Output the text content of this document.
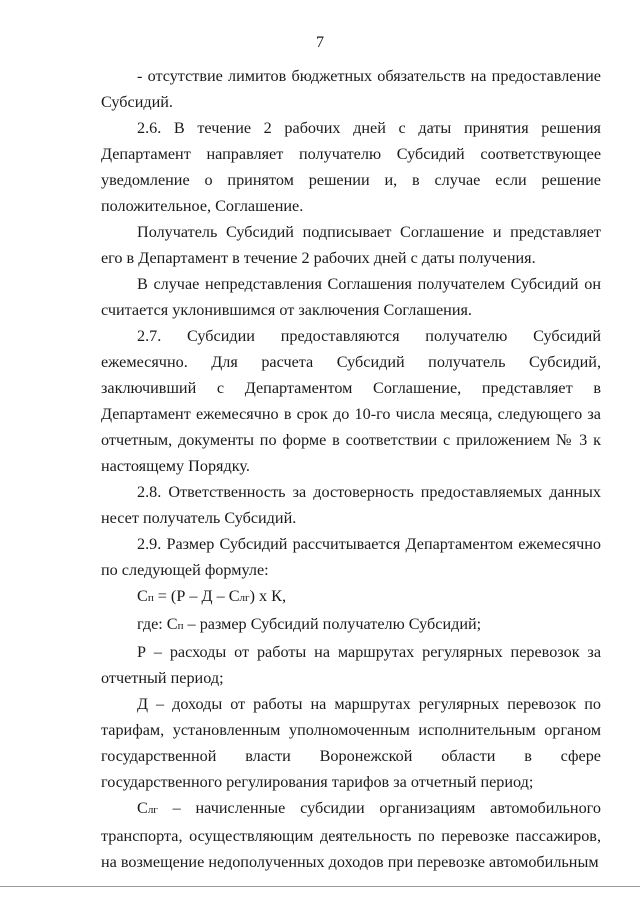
7

- отсутствие лимитов бюджетных обязательств на предоставление Субсидий.

2.6. В течение 2 рабочих дней с даты принятия решения Департамент направляет получателю Субсидий соответствующее уведомление о принятом решении и, в случае если решение положительное, Соглашение.

Получатель Субсидий подписывает Соглашение и представляет его в Департамент в течение 2 рабочих дней с даты получения.

В случае непредставления Соглашения получателем Субсидий он считается уклонившимся от заключения Соглашения.

2.7. Субсидии предоставляются получателю Субсидий ежемесячно. Для расчета Субсидий получатель Субсидий, заключивший с Департаментом Соглашение, представляет в Департамент ежемесячно в срок до 10-го числа месяца, следующего за отчетным, документы по форме в соответствии с приложением № 3 к настоящему Порядку.

2.8. Ответственность за достоверность предоставляемых данных несет получатель Субсидий.

2.9. Размер Субсидий рассчитывается Департаментом ежемесячно по следующей формуле:

Сп = (Р – Д – Слг) х К,

где: Сп – размер Субсидий получателю Субсидий;

Р – расходы от работы на маршрутах регулярных перевозок за отчетный период;

Д – доходы от работы на маршрутах регулярных перевозок по тарифам, установленным уполномоченным исполнительным органом государственной власти Воронежской области в сфере государственного регулирования тарифов за отчетный период;

Слг – начисленные субсидии организациям автомобильного транспорта, осуществляющим деятельность по перевозке пассажиров, на возмещение недополученных доходов при перевозке автомобильным
